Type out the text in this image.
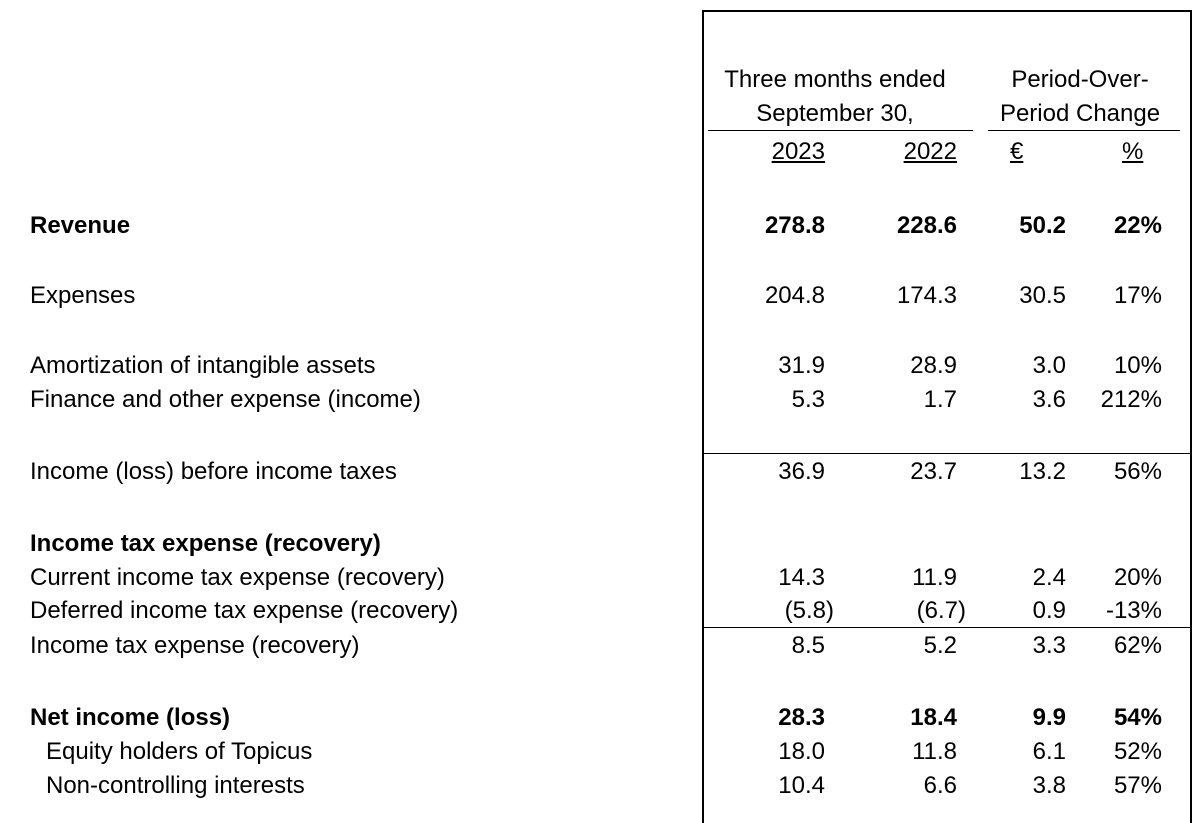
Three months ended
September 30,
Period-Over-
Period Change
2023	2022 €	%
Revenue	278.8	228.6	50.2 22%
Expenses	204.8	174.3	30.5 17%
Amortization of intangible assets	31.9	28.9	3.0 10%
Finance and other expense (income)	5.3	1.7	3.6 212%
Income (loss) before income taxes	36.9	23.7	13.2 56%
Income tax expense (recovery)
Current income tax expense (recovery)	14.3	11.9	2.4 20%
Deferred income tax expense (recovery)	(5.8)	(6.7)	0.9 -13%
Income tax expense (recovery)	8.5	5.2	3.3 62%
Net income (loss)	28.3	18.4	9.9 54%
Equity holders of Topicus	18.0	11.8	6.1 52%
Non-controlling interests	10.4	6.6	3.8 57%
